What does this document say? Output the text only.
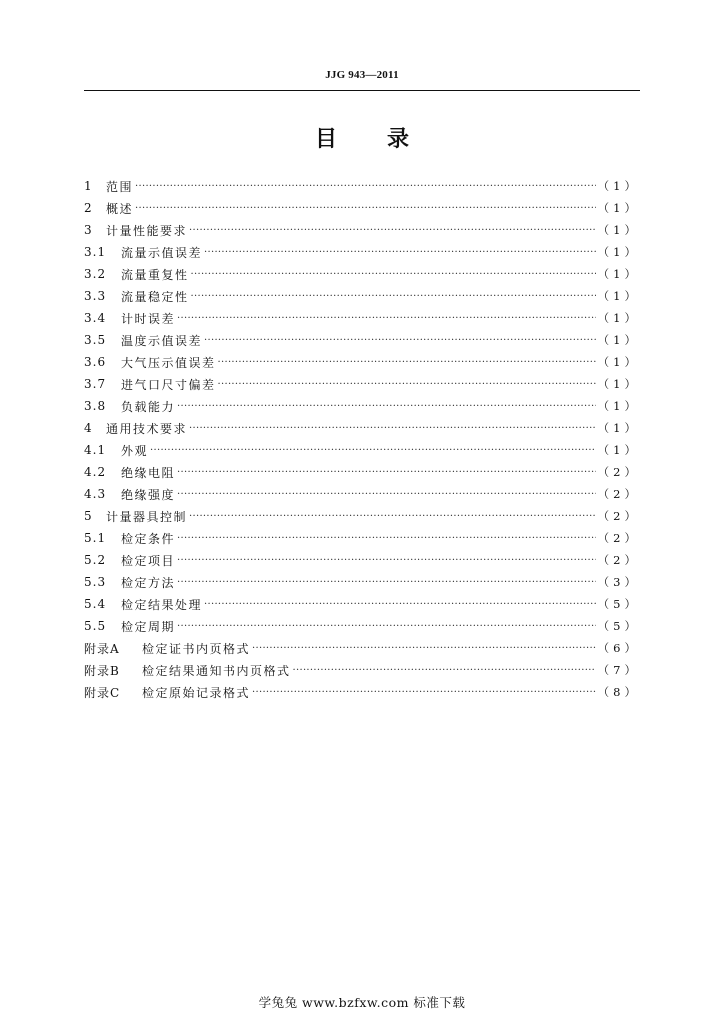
JJG 943—2011
目 录
1	范围 ·····	（1）
2	概述 ·····	（1）
3	计量性能要求 ·····	（1）
3.1	流量示值误差 ·····	（1）
3.2	流量重复性 ·····	（1）
3.3	流量稳定性 ·····	（1）
3.4	计时误差 ·····	（1）
3.5	温度示值误差 ·····	（1）
3.6	大气压示值误差 ·····	（1）
3.7	进气口尺寸偏差 ·····	（1）
3.8	负载能力 ·····	（1）
4	通用技术要求 ·····	（1）
4.1	外观 ·····	（1）
4.2	绝缘电阻 ·····	（2）
4.3	绝缘强度 ·····	（2）
5	计量器具控制 ·····	（2）
5.1	检定条件 ·····	（2）
5.2	检定项目 ·····	（2）
5.3	检定方法 ·····	（3）
5.4	检定结果处理 ·····	（5）
5.5	检定周期 ·····	（5）
附录A	检定证书内页格式 ·····	（6）
附录B	检定结果通知书内页格式 ·····	（7）
附录C	检定原始记录格式 ·····	（8）
学兔兔 www.bzfxw.com 标准下载
